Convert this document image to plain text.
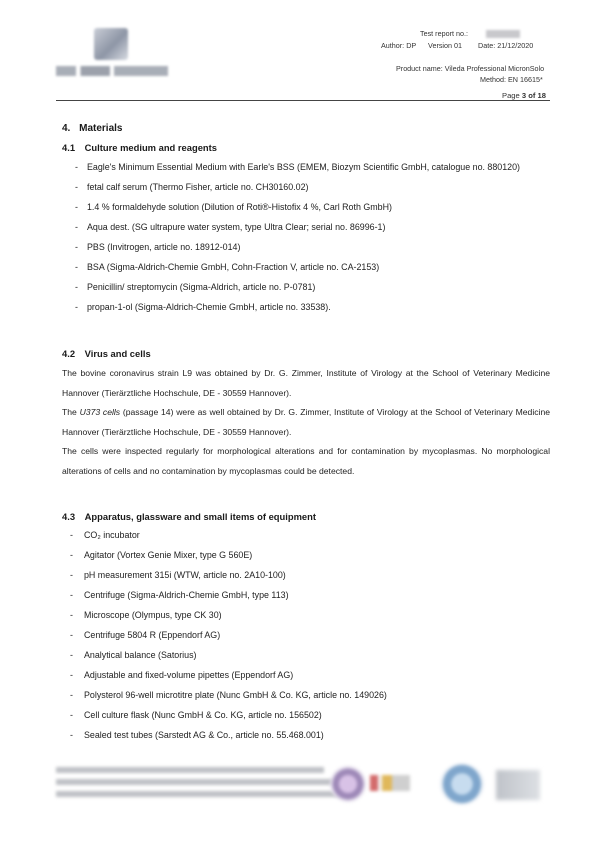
Test report no.:
Author: DP Version 01 Date: 21/12/2020
Product name: Vileda Professional MicronSolo
Method: EN 16615*
Page 3 of 18
4. Materials
4.1 Culture medium and reagents
- Eagle's Minimum Essential Medium with Earle's BSS (EMEM, Biozym Scientific GmbH, catalogue no. 880120)
- fetal calf serum (Thermo Fisher, article no. CH30160.02)
- 1.4 % formaldehyde solution (Dilution of Roti®-Histofix 4 %, Carl Roth GmbH)
- Aqua dest. (SG ultrapure water system, type Ultra Clear; serial no. 86996-1)
- PBS (Invitrogen, article no. 18912-014)
- BSA (Sigma-Aldrich-Chemie GmbH, Cohn-Fraction V, article no. CA-2153)
- Penicillin/ streptomycin (Sigma-Aldrich, article no. P-0781)
- propan-1-ol (Sigma-Aldrich-Chemie GmbH, article no. 33538).
4.2 Virus and cells
The bovine coronavirus strain L9 was obtained by Dr. G. Zimmer, Institute of Virology at the School of Veterinary Medicine Hannover (Tierärztliche Hochschule, DE - 30559 Hannover).
The U373 cells (passage 14) were as well obtained by Dr. G. Zimmer, Institute of Virology at the School of Veterinary Medicine Hannover (Tierärztliche Hochschule, DE - 30559 Hannover).
The cells were inspected regularly for morphological alterations and for contamination by mycoplasmas. No morphological alterations of cells and no contamination by mycoplasmas could be detected.
4.3 Apparatus, glassware and small items of equipment
- CO₂ incubator
- Agitator (Vortex Genie Mixer, type G 560E)
- pH measurement 315i (WTW, article no. 2A10-100)
- Centrifuge (Sigma-Aldrich-Chemie GmbH, type 113)
- Microscope (Olympus, type CK 30)
- Centrifuge 5804 R (Eppendorf AG)
- Analytical balance (Satorius)
- Adjustable and fixed-volume pipettes (Eppendorf AG)
- Polysterol 96-well microtitre plate (Nunc GmbH & Co. KG, article no. 149026)
- Cell culture flask (Nunc GmbH & Co. KG, article no. 156502)
- Sealed test tubes (Sarstedt AG & Co., article no. 55.468.001)
